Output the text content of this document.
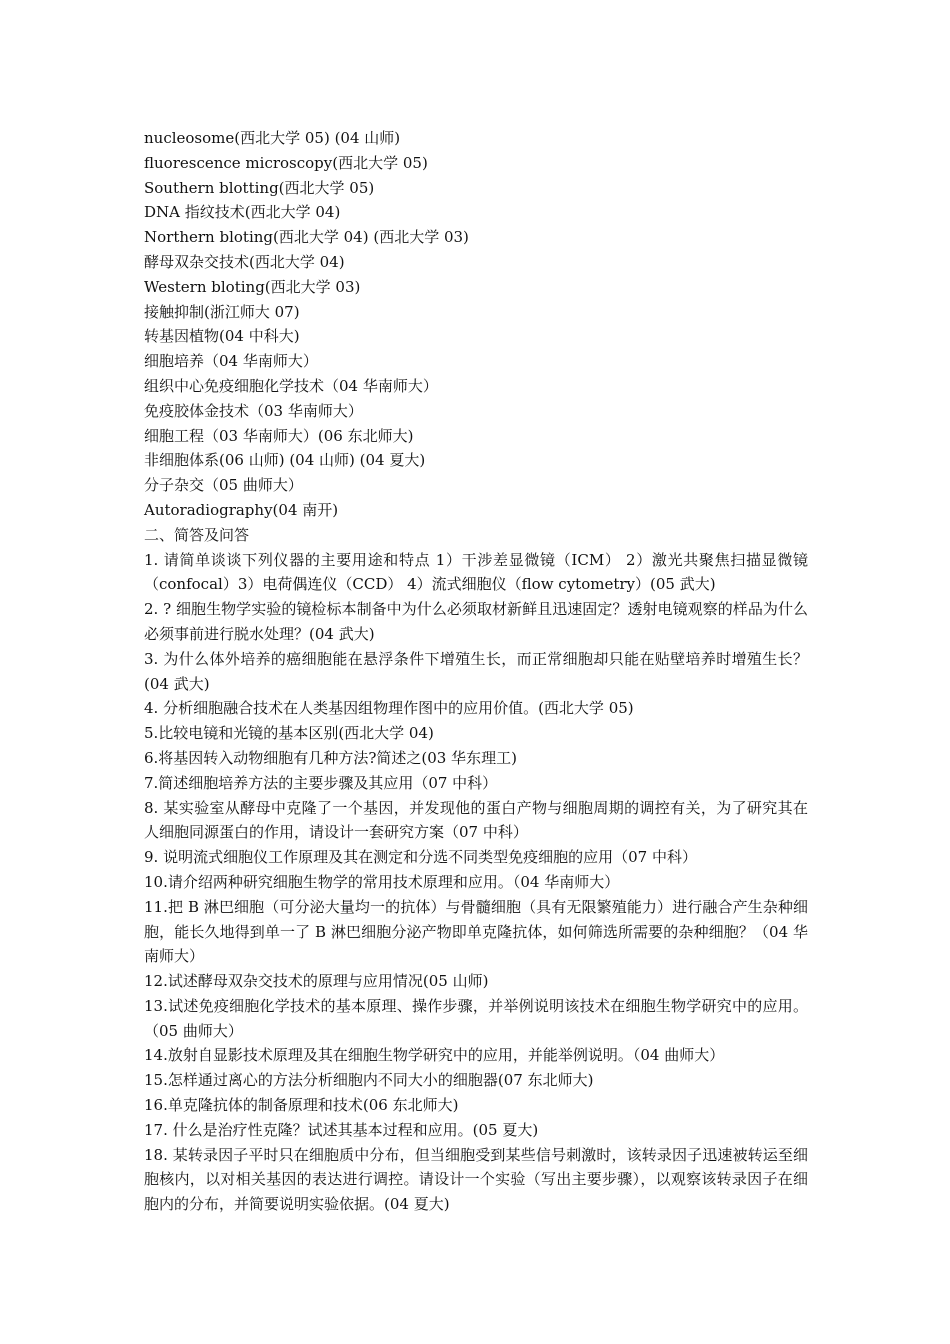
nucleosome(西北大学 05) (04 山师)
fluorescence microscopy(西北大学 05)
Southern blotting(西北大学 05)
DNA 指纹技术(西北大学 04)
Northern bloting(西北大学 04) (西北大学 03)
酵母双杂交技术(西北大学 04)
Western bloting(西北大学 03)
接触抑制(浙江师大 07)
转基因植物(04 中科大)
细胞培养（04 华南师大）
组织中心免疫细胞化学技术（04 华南师大）
免疫胶体金技术（03 华南师大）
细胞工程（03 华南师大）(06 东北师大)
非细胞体系(06 山师) (04 山师) (04 夏大)
分子杂交（05 曲师大）
Autoradiography(04 南开)
二、简答及问答
1. 请简单谈谈下列仪器的主要用途和特点 1）干涉差显微镜（ICM） 2）激光共聚焦扫描显微镜（confocal）3）电荷偶连仪（CCD） 4）流式细胞仪（flow cytometry）(05 武大)
2. ? 细胞生物学实验的镜检标本制备中为什么必须取材新鲜且迅速固定？透射电镜观察的样品为什么必须事前进行脱水处理？(04 武大)
3. 为什么体外培养的癌细胞能在悬浮条件下增殖生长，而正常细胞却只能在贴壁培养时增殖生长？(04 武大)
4. 分析细胞融合技术在人类基因组物理作图中的应用价值。(西北大学 05)
5.比较电镜和光镜的基本区别(西北大学 04)
6.将基因转入动物细胞有几种方法?简述之(03 华东理工)
7.简述细胞培养方法的主要步骤及其应用（07 中科）
8. 某实验室从酵母中克隆了一个基因，并发现他的蛋白产物与细胞周期的调控有关，为了研究其在人细胞同源蛋白的作用，请设计一套研究方案（07 中科）
9. 说明流式细胞仪工作原理及其在测定和分选不同类型免疫细胞的应用（07 中科）
10.请介绍两种研究细胞生物学的常用技术原理和应用。（04 华南师大）
11.把 B 淋巴细胞（可分泌大量均一的抗体）与骨髓细胞（具有无限繁殖能力）进行融合产生杂种细胞，能长久地得到单一了 B 淋巴细胞分泌产物即单克隆抗体，如何筛选所需要的杂种细胞？（04 华南师大）
12.试述酵母双杂交技术的原理与应用情况(05 山师)
13.试述免疫细胞化学技术的基本原理、操作步骤，并举例说明该技术在细胞生物学研究中的应用。（05 曲师大）
14.放射自显影技术原理及其在细胞生物学研究中的应用，并能举例说明。（04 曲师大）
15.怎样通过离心的方法分析细胞内不同大小的细胞器(07 东北师大)
16.单克隆抗体的制备原理和技术(06 东北师大)
17. 什么是治疗性克隆？试述其基本过程和应用。(05 夏大)
18. 某转录因子平时只在细胞质中分布，但当细胞受到某些信号刺激时，该转录因子迅速被转运至细胞核内，以对相关基因的表达进行调控。请设计一个实验（写出主要步骤），以观察该转录因子在细胞内的分布，并简要说明实验依据。(04 夏大)
